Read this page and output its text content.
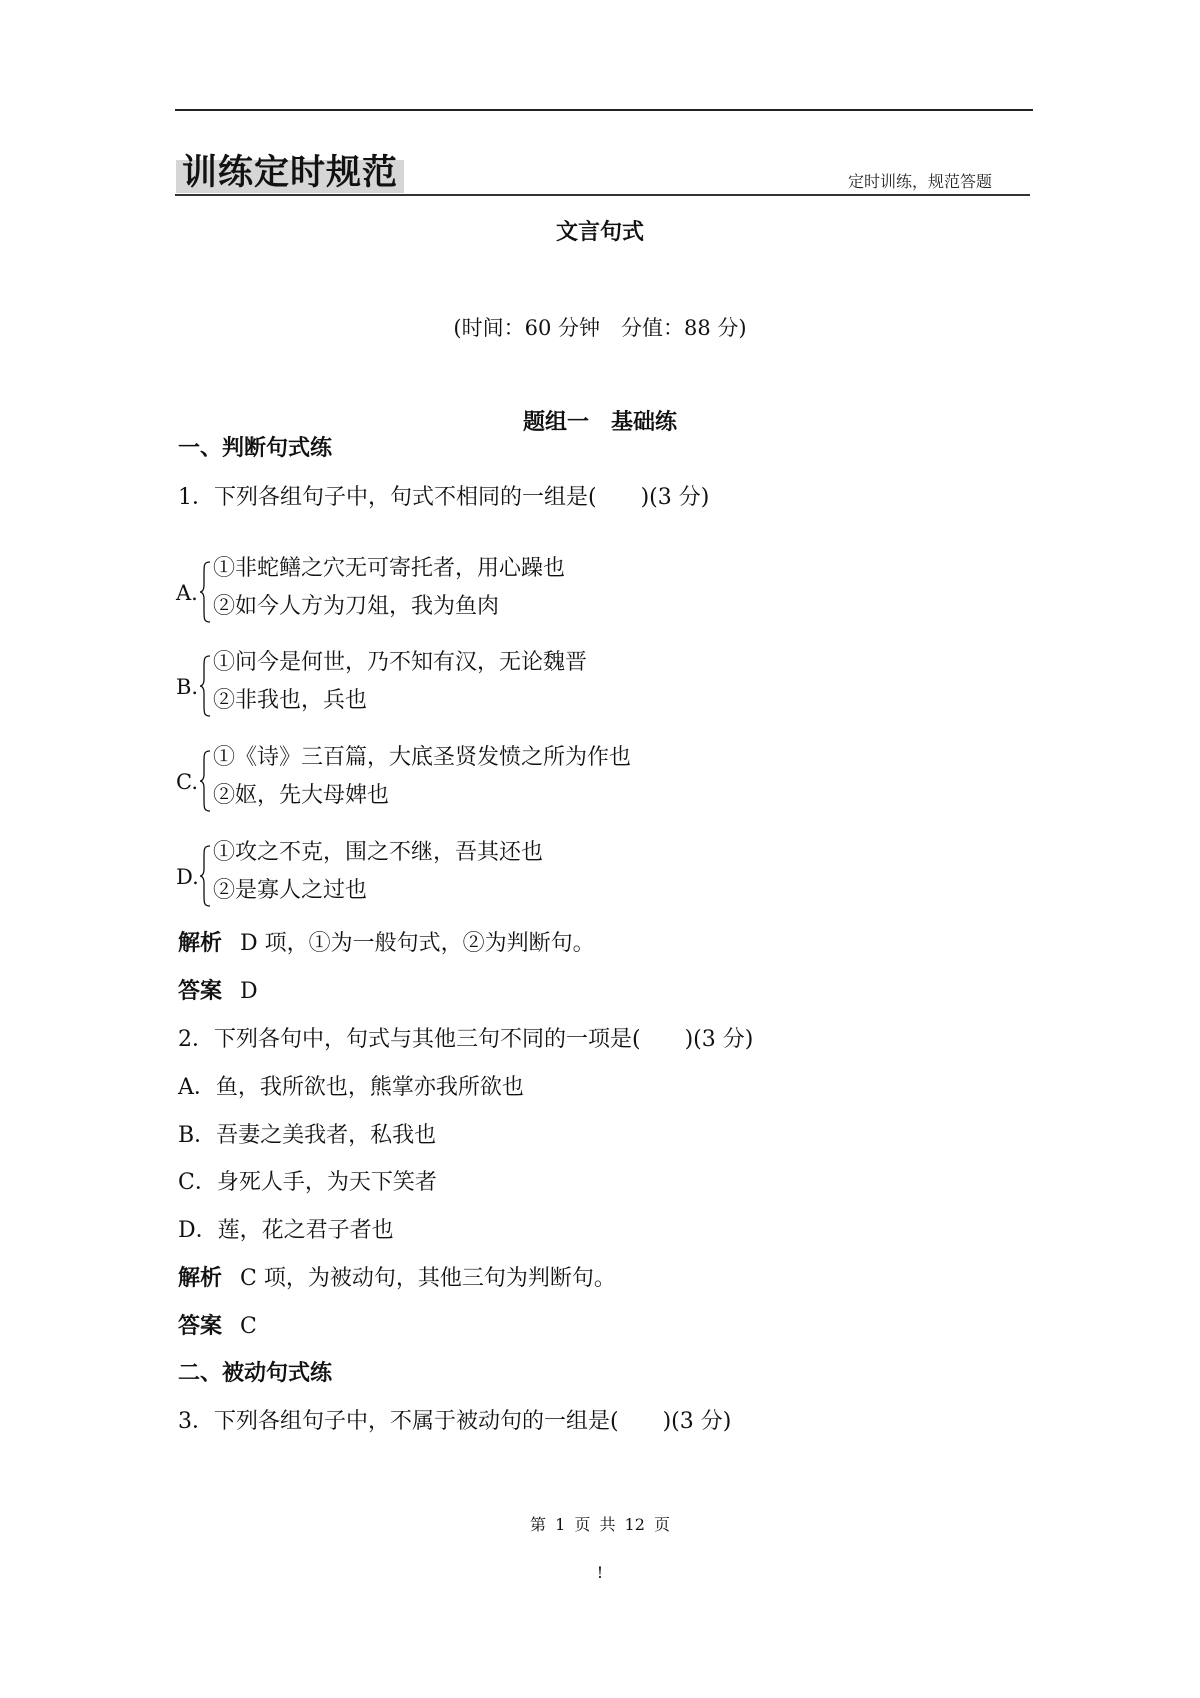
训练定时规范	定时训练，规范答题
文言句式
(时间：60 分钟　分值：88 分)
题组一　基础练
一、判断句式练
1．下列各组句子中，句式不相同的一组是(　　)(3 分)
A.
①非蛇鳝之穴无可寄托者，用心躁也
②如今人方为刀俎，我为鱼肉
B.
①问今是何世，乃不知有汉，无论魏晋
②非我也，兵也
C.
①《诗》三百篇，大底圣贤发愤之所为作也
②妪，先大母婢也
D.
①攻之不克，围之不继，吾其还也
②是寡人之过也
解析 D 项，①为一般句式，②为判断句。
答案 D
2．下列各句中，句式与其他三句不同的一项是(　　)(3 分)
A．鱼，我所欲也，熊掌亦我所欲也
B．吾妻之美我者，私我也
C．身死人手，为天下笑者
D．莲，花之君子者也
解析 C 项，为被动句，其他三句为判断句。
答案 C
二、被动句式练
3．下列各组句子中，不属于被动句的一组是(　　)(3 分)
第 1 页 共 12 页
!
